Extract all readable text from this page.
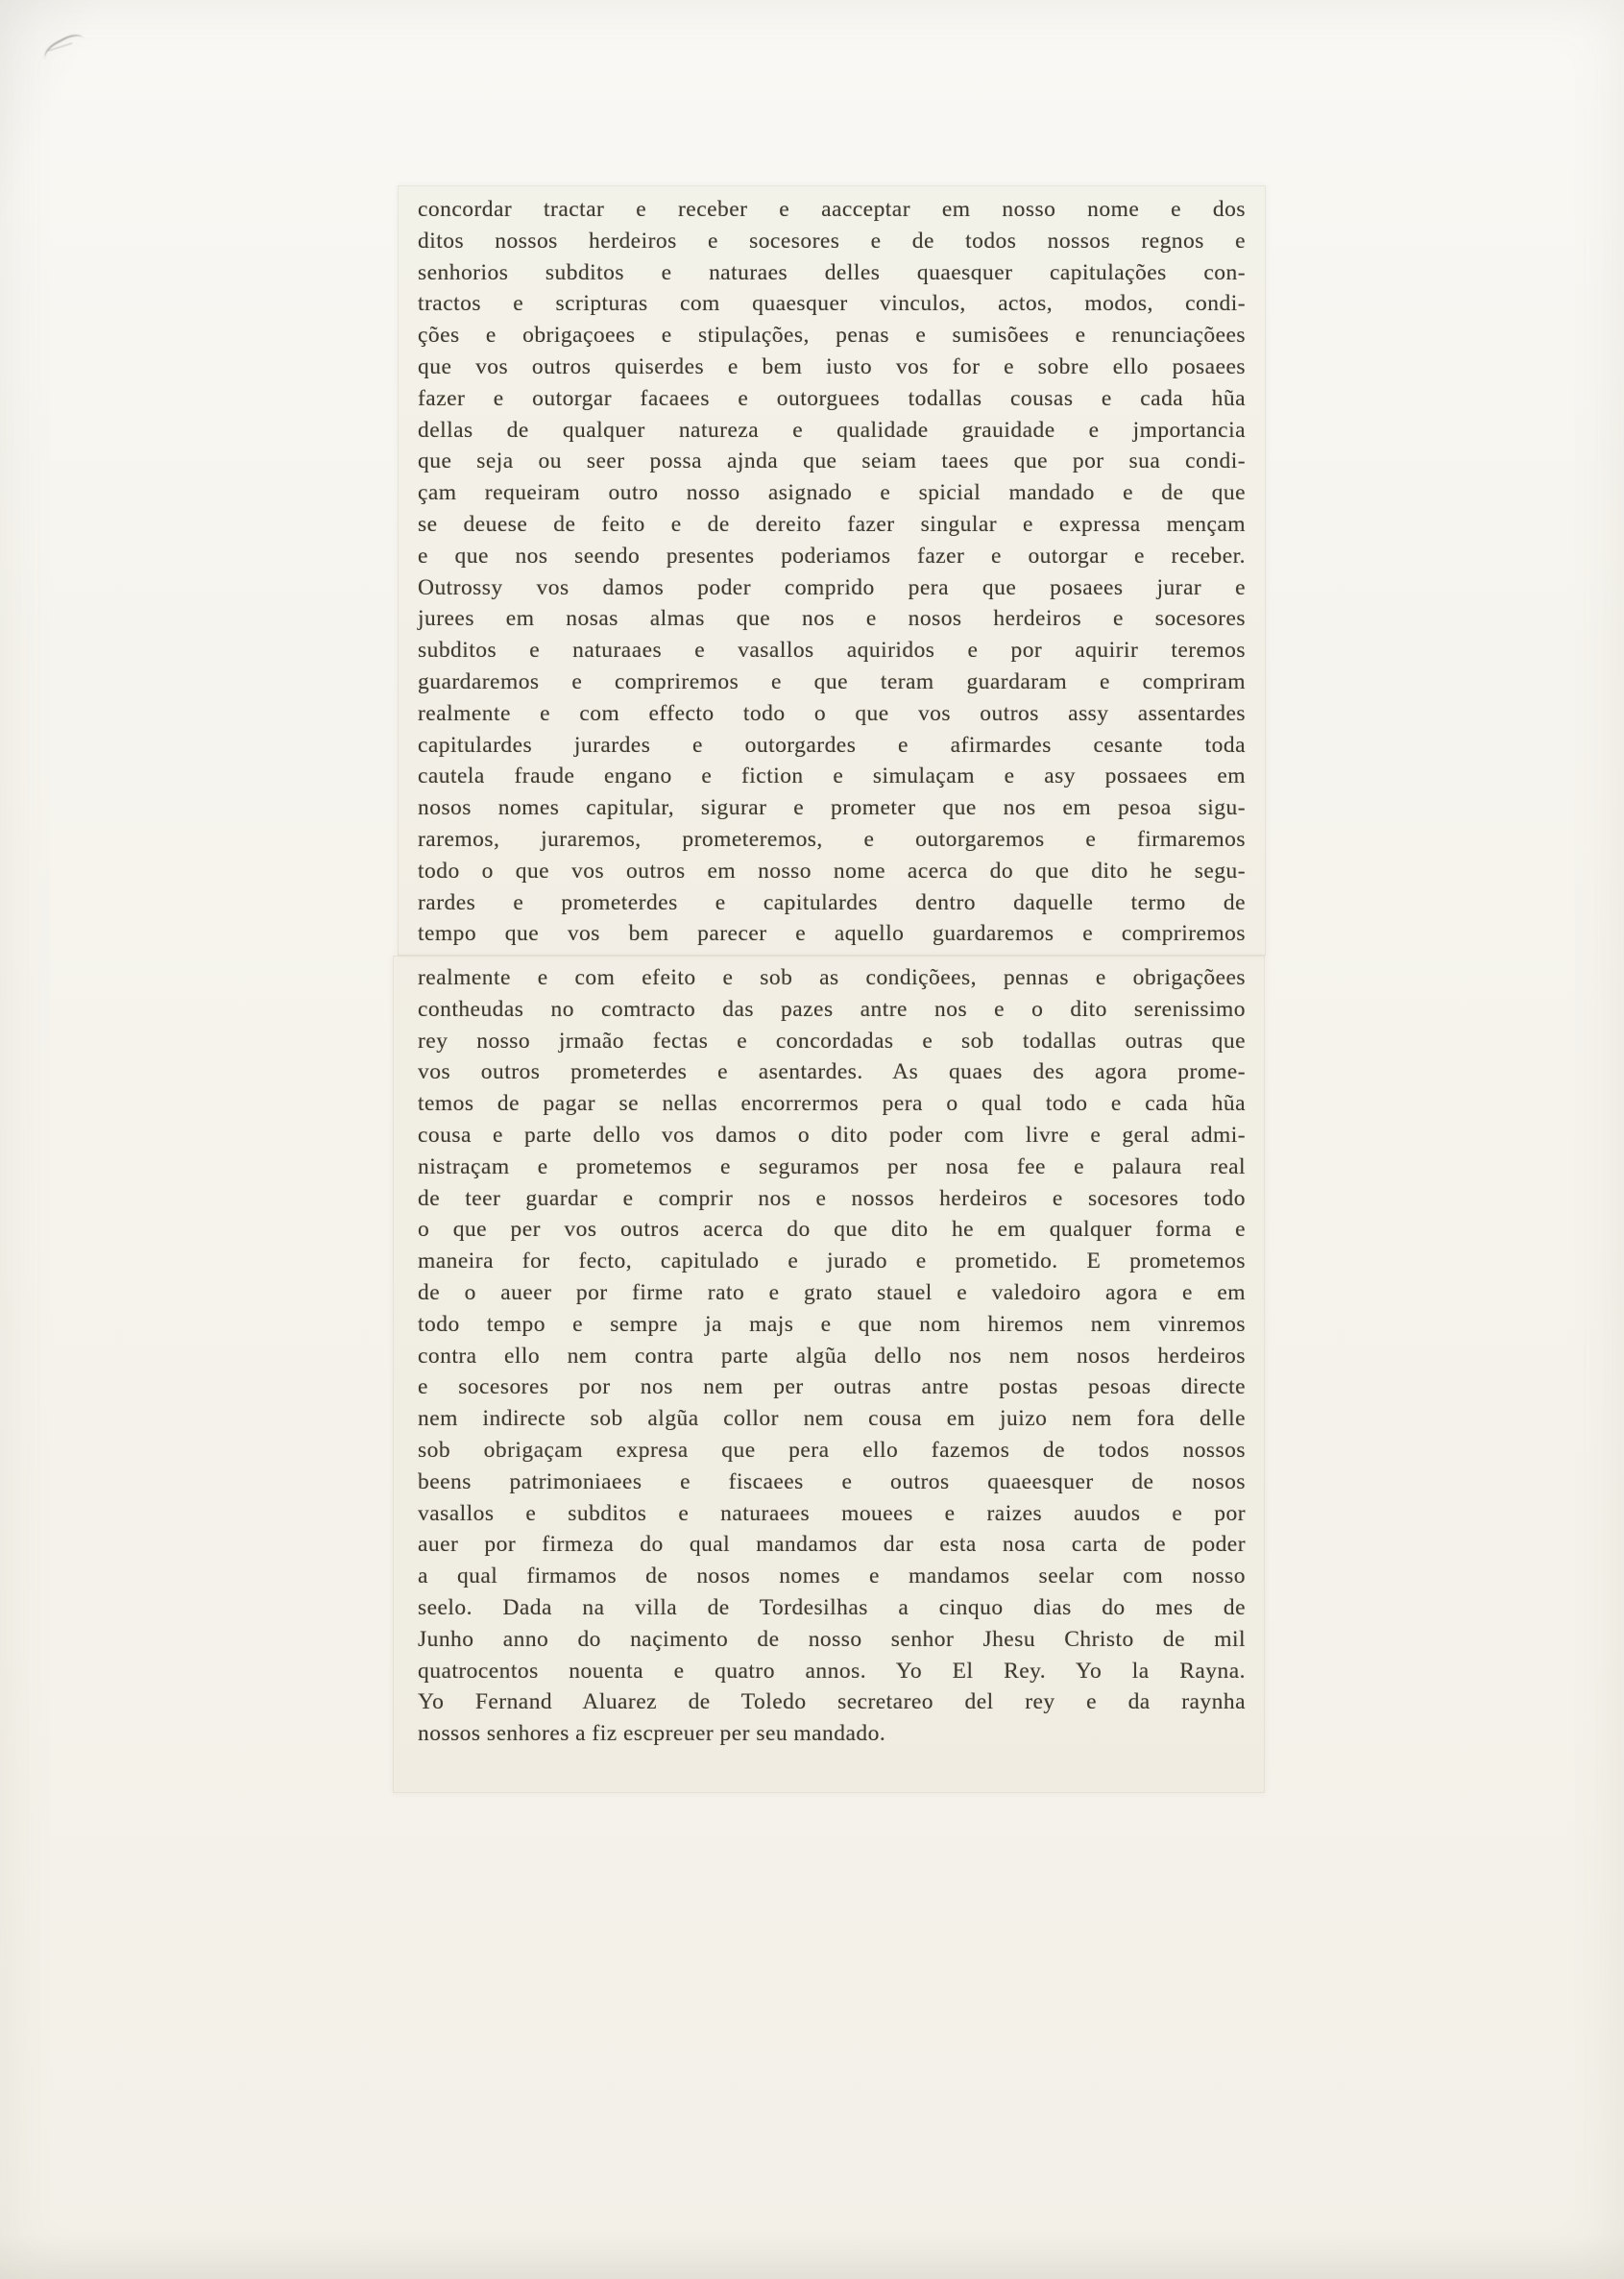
concordar tractar e receber e aacceptar em nosso nome e dos
ditos nossos herdeiros e socesores e de todos nossos regnos e
senhorios subditos e naturaes delles quaesquer capitulações con-
tractos e scripturas com quaesquer vinculos, actos, modos, condi-
ções e obrigaçoees e stipulações, penas e sumisõees e renunciaçõees
que vos outros quiserdes e bem iusto vos for e sobre ello posaees
fazer e outorgar facaees e outorguees todallas cousas e cada hũa
dellas de qualquer natureza e qualidade grauidade e jmportancia
que seja ou seer possa ajnda que seiam taees que por sua condi-
çam requeiram outro nosso asignado e spicial mandado e de que
se deuese de feito e de dereito fazer singular e expressa mençam
e que nos seendo presentes poderiamos fazer e outorgar e receber.
Outrossy vos damos poder comprido pera que posaees jurar e
jurees em nosas almas que nos e nosos herdeiros e socesores
subditos e naturaaes e vasallos aquiridos e por aquirir teremos
guardaremos e compriremos e que teram guardaram e compriram
realmente e com effecto todo o que vos outros assy assentardes
capitulardes jurardes e outorgardes e afirmardes cesante toda
cautela fraude engano e fiction e simulaçam e asy possaees em
nosos nomes capitular, sigurar e prometer que nos em pesoa sigu-
raremos, juraremos, prometeremos, e outorgaremos e firmaremos
todo o que vos outros em nosso nome acerca do que dito he segu-
rardes e prometerdes e capitulardes dentro daquelle termo de
tempo que vos bem parecer e aquello guardaremos e compriremos
realmente e com efeito e sob as condiçõees, pennas e obrigaçõees
contheudas no comtracto das pazes antre nos e o dito serenissimo
rey nosso jrmaão fectas e concordadas e sob todallas outras que
vos outros prometerdes e asentardes. As quaes des agora prome-
temos de pagar se nellas encorrermos pera o qual todo e cada hũa
cousa e parte dello vos damos o dito poder com livre e geral admi-
nistraçam e prometemos e seguramos per nosa fee e palaura real
de teer guardar e comprir nos e nossos herdeiros e socesores todo
o que per vos outros acerca do que dito he em qualquer forma e
maneira for fecto, capitulado e jurado e prometido. E prometemos
de o aueer por firme rato e grato stauel e valedoiro agora e em
todo tempo e sempre ja majs e que nom hiremos nem vinremos
contra ello nem contra parte algũa dello nos nem nosos herdeiros
e socesores por nos nem per outras antre postas pesoas directe
nem indirecte sob algũa collor nem cousa em juizo nem fora delle
sob obrigaçam expresa que pera ello fazemos de todos nossos
beens patrimoniaees e fiscaees e outros quaeesquer de nosos
vasallos e subditos e naturaees mouees e raizes auudos e por
auer por firmeza do qual mandamos dar esta nosa carta de poder
a qual firmamos de nosos nomes e mandamos seelar com nosso
seelo. Dada na villa de Tordesilhas a cinquo dias do mes de
Junho anno do naçimento de nosso senhor Jhesu Christo de mil
quatrocentos nouenta e quatro annos. Yo El Rey. Yo la Rayna.
Yo Fernand Aluarez de Toledo secretareo del rey e da raynha
nossos senhores a fiz escpreuer per seu mandado.
